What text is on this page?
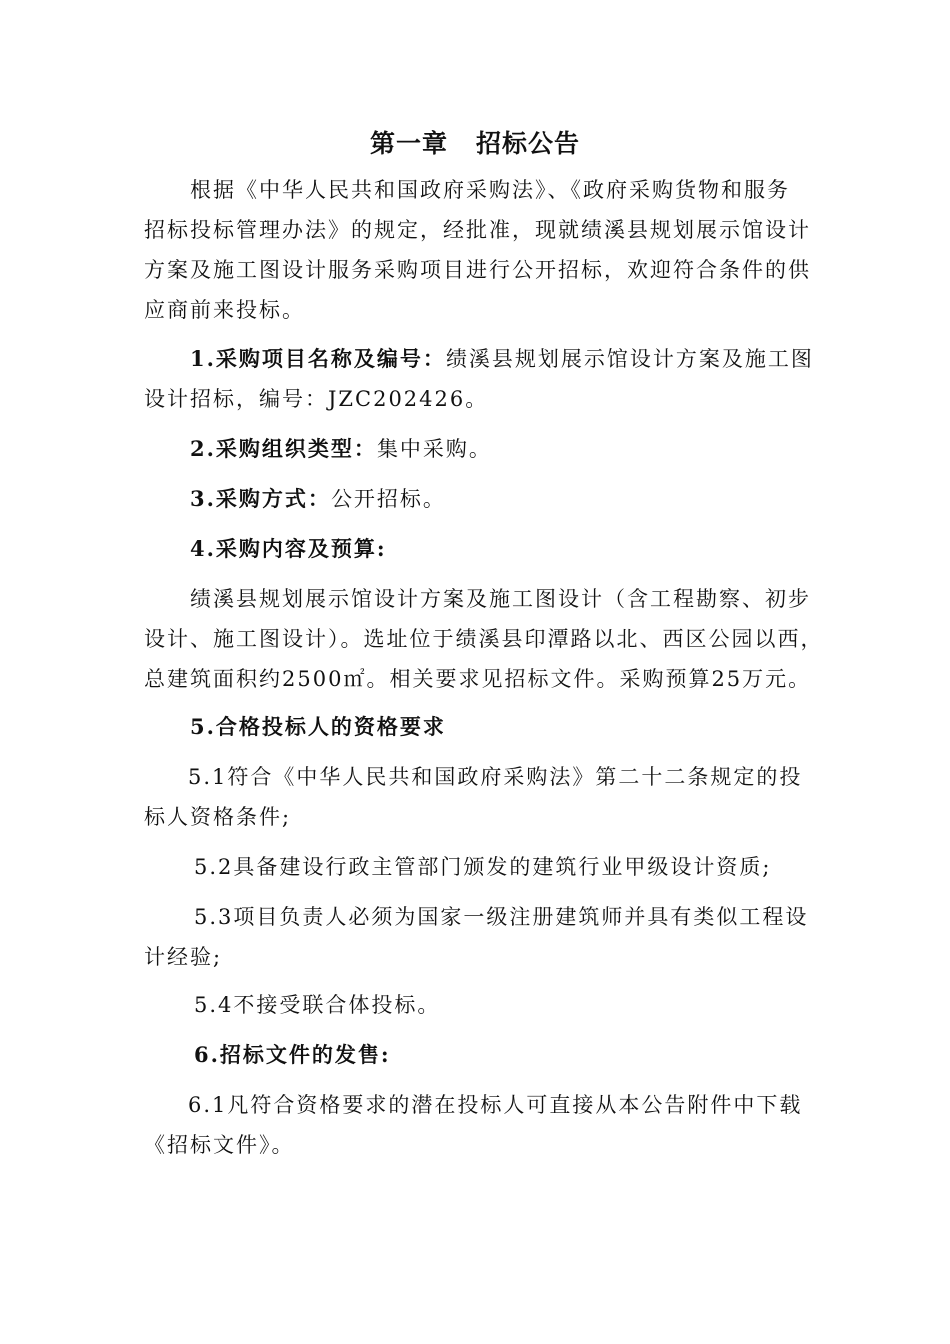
第一章 招标公告
根据《中华人民共和国政府采购法》、《政府采购货物和服务
招标投标管理办法》的规定，经批准，现就绩溪县规划展示馆设计
方案及施工图设计服务采购项目进行公开招标，欢迎符合条件的供
应商前来投标。
1.采购项目名称及编号：绩溪县规划展示馆设计方案及施工图
设计招标，编号：JZC202426。
2.采购组织类型：集中采购。
3.采购方式：公开招标。
4.采购内容及预算:
绩溪县规划展示馆设计方案及施工图设计（含工程勘察、初步
设计、施工图设计）。选址位于绩溪县印潭路以北、西区公园以西，
总建筑面积约2500㎡。相关要求见招标文件。采购预算25万元。
5.合格投标人的资格要求
5.1符合《中华人民共和国政府采购法》第二十二条规定的投
标人资格条件;
5.2具备建设行政主管部门颁发的建筑行业甲级设计资质;
5.3项目负责人必须为国家一级注册建筑师并具有类似工程设
计经验;
5.4不接受联合体投标。
6.招标文件的发售:
6.1凡符合资格要求的潜在投标人可直接从本公告附件中下载
《招标文件》。
